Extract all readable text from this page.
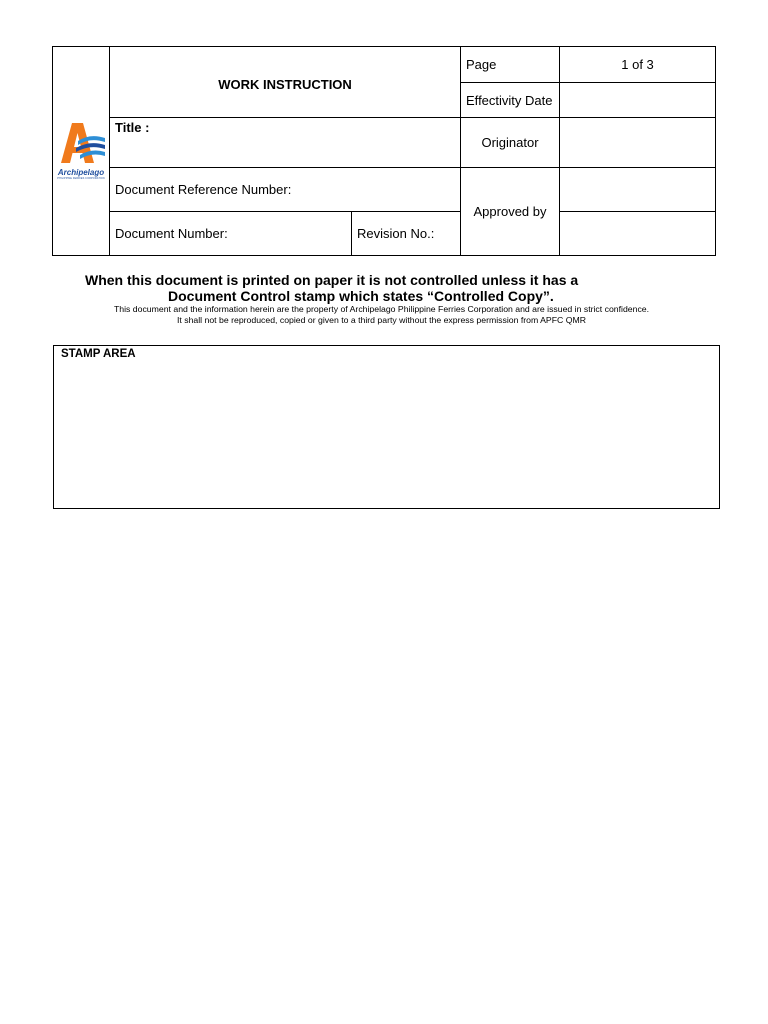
Archipelago
PHILIPPINE FERRIES CORPORATION	WORK INSTRUCTION		Page	1 of 3
			Effectivity Date	
	Title :		Originator	
	Document Reference Number:		Approved by	
	Document Number:	Revision No.:		
When this document is printed on paper it is not controlled unless it has a
Document Control stamp which states “Controlled Copy”.
This document and the information herein are the property of Archipelago Philippine Ferries Corporation and are issued in strict confidence.
It shall not be reproduced, copied or given to a third party without the express permission from APFC QMR
STAMP AREA
